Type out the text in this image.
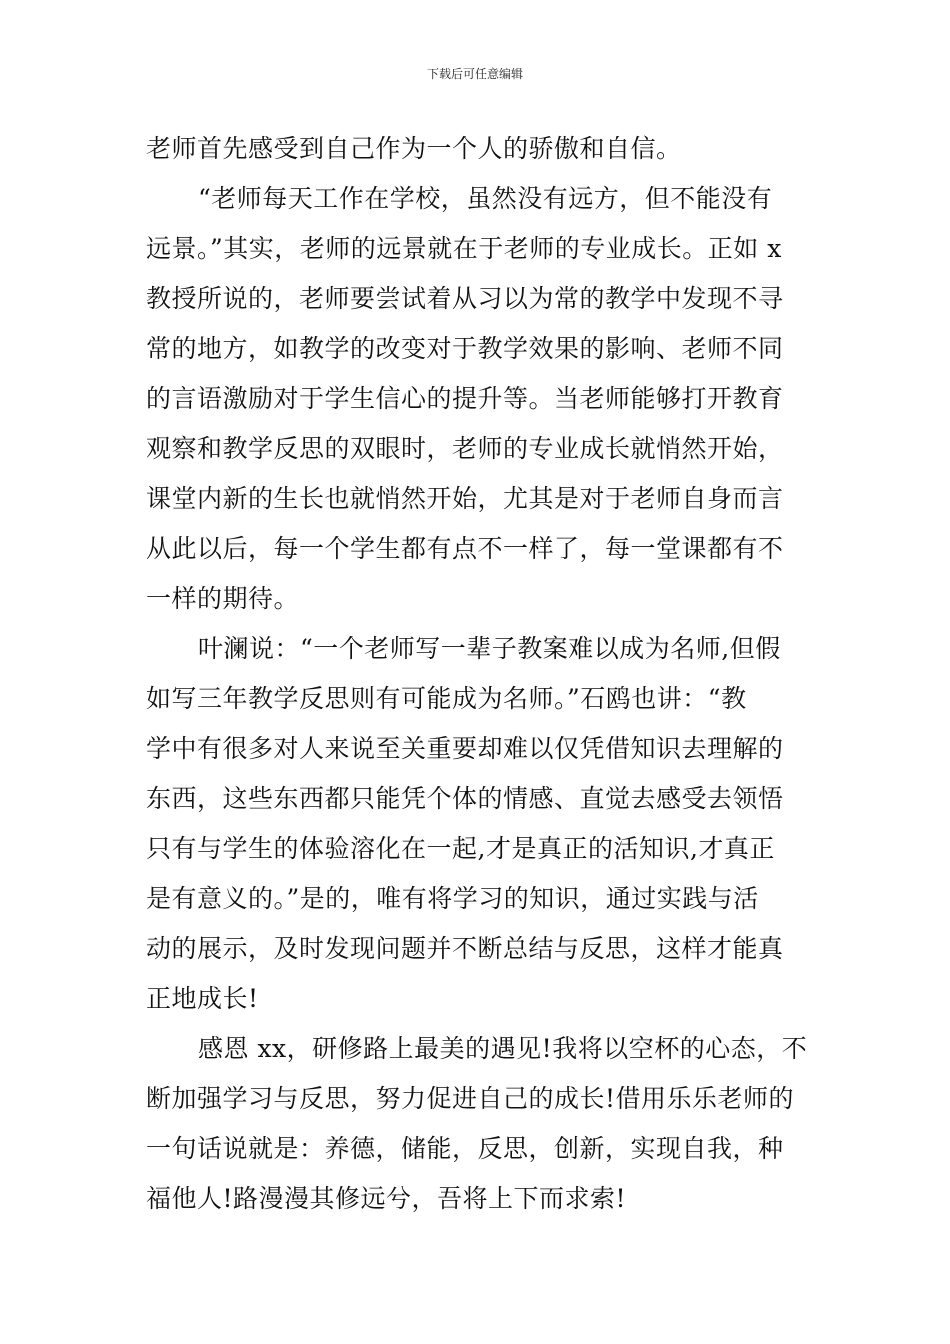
下载后可任意编辑
老师首先感受到自己作为一个人的骄傲和自信。
“老师每天工作在学校，虽然没有远方，但不能没有
远景。”其实，老师的远景就在于老师的专业成长。正如 x
教授所说的，老师要尝试着从习以为常的教学中发现不寻
常的地方，如教学的改变对于教学效果的影响、老师不同
的言语激励对于学生信心的提升等。当老师能够打开教育
观察和教学反思的双眼时，老师的专业成长就悄然开始，
课堂内新的生长也就悄然开始，尤其是对于老师自身而言
从此以后，每一个学生都有点不一样了，每一堂课都有不
一样的期待。
叶澜说：“一个老师写一辈子教案难以成为名师,但假
如写三年教学反思则有可能成为名师。”石鸥也讲：“教
学中有很多对人来说至关重要却难以仅凭借知识去理解的
东西，这些东西都只能凭个体的情感、直觉去感受去领悟
只有与学生的体验溶化在一起,才是真正的活知识,才真正
是有意义的。”是的，唯有将学习的知识，通过实践与活
动的展示，及时发现问题并不断总结与反思，这样才能真
正地成长!
感恩 xx，研修路上最美的遇见!我将以空杯的心态，不
断加强学习与反思，努力促进自己的成长!借用乐乐老师的
一句话说就是：养德，储能，反思，创新，实现自我，种
福他人!路漫漫其修远兮，吾将上下而求索!
